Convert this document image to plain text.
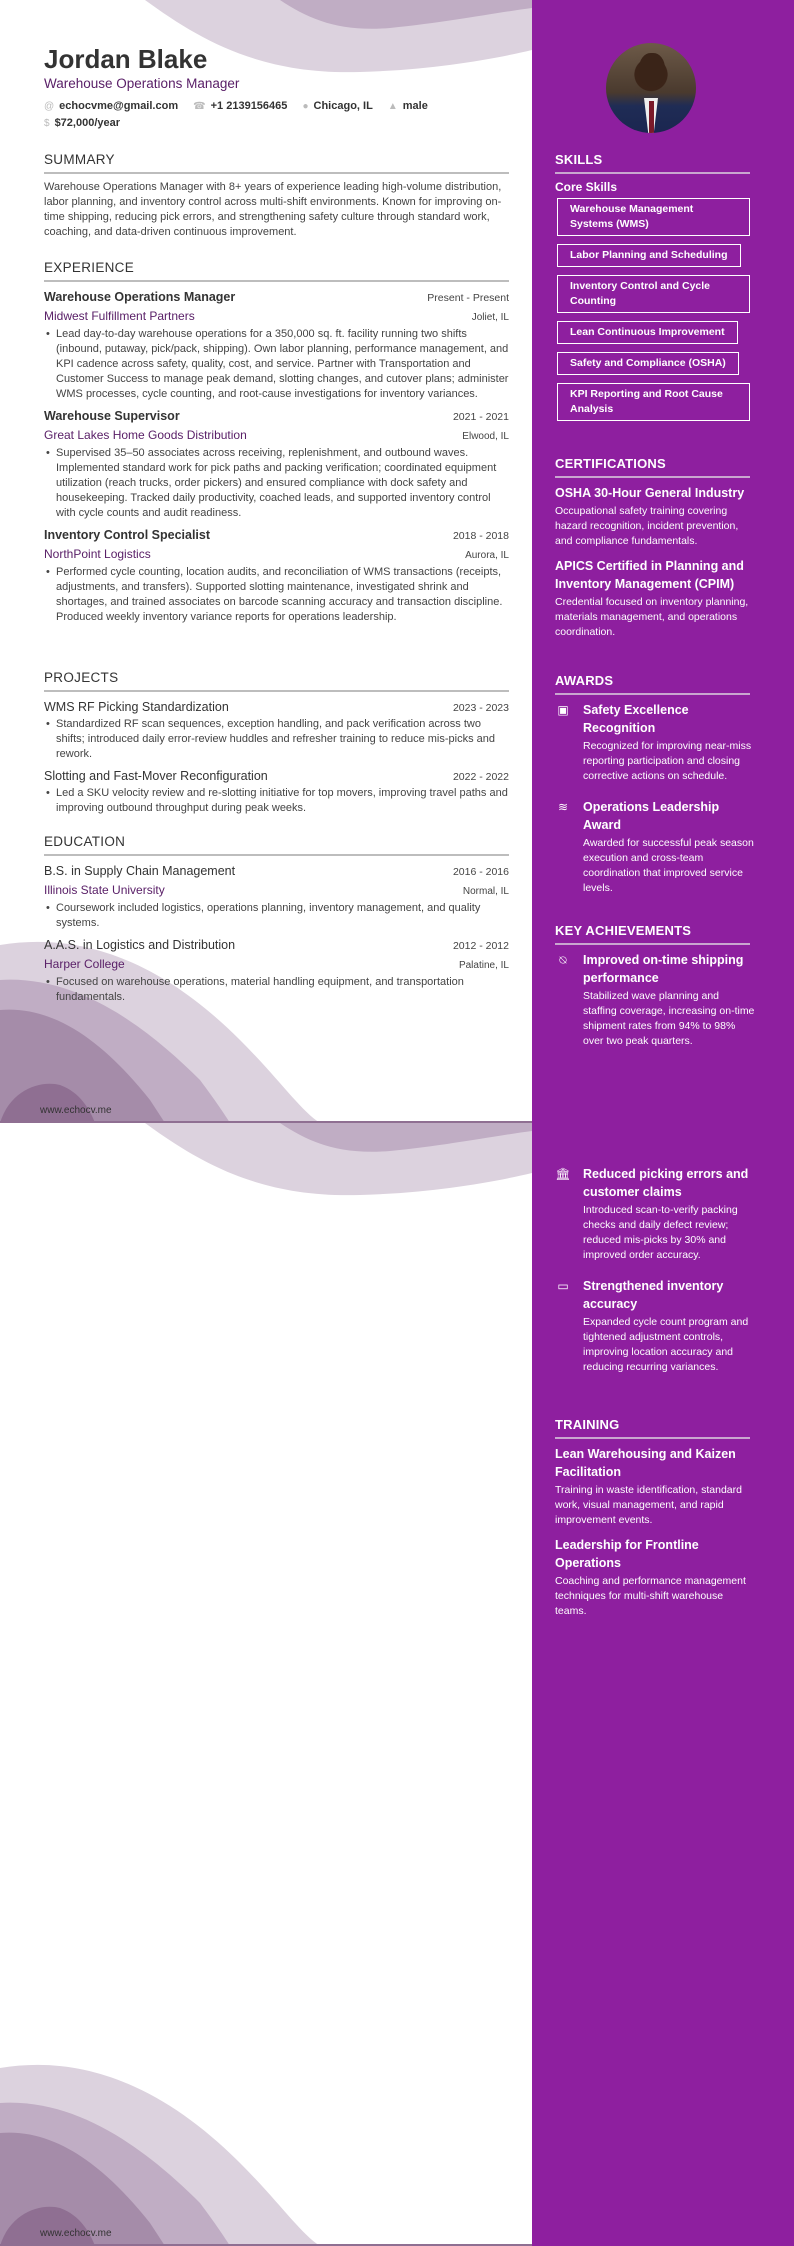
Jordan Blake
Warehouse Operations Manager
@ echocvme@gmail.com ☎ +1 2139156465 ● Chicago, IL ▲ male
$ $72,000/year
SUMMARY
Warehouse Operations Manager with 8+ years of experience leading high-volume distribution, labor planning, and inventory control across multi-shift environments. Known for improving on-time shipping, reducing pick errors, and strengthening safety culture through standard work, coaching, and data-driven continuous improvement.
EXPERIENCE
Warehouse Operations Manager	Present - Present
Midwest Fulfillment Partners	Joliet, IL
• Lead day-to-day warehouse operations for a 350,000 sq. ft. facility running two shifts (inbound, putaway, pick/pack, shipping). Own labor planning, performance management, and KPI cadence across safety, quality, cost, and service. Partner with Transportation and Customer Success to manage peak demand, slotting changes, and cutover plans; administer WMS processes, cycle counting, and root-cause investigations for inventory variances.
Warehouse Supervisor	2021 - 2021
Great Lakes Home Goods Distribution	Elwood, IL
• Supervised 35–50 associates across receiving, replenishment, and outbound waves. Implemented standard work for pick paths and packing verification; coordinated equipment utilization (reach trucks, order pickers) and ensured compliance with dock safety and housekeeping. Tracked daily productivity, coached leads, and supported inventory control with cycle counts and audit readiness.
Inventory Control Specialist	2018 - 2018
NorthPoint Logistics	Aurora, IL
• Performed cycle counting, location audits, and reconciliation of WMS transactions (receipts, adjustments, and transfers). Supported slotting maintenance, investigated shrink and shortages, and trained associates on barcode scanning accuracy and transaction discipline. Produced weekly inventory variance reports for operations leadership.
PROJECTS
WMS RF Picking Standardization	2023 - 2023
• Standardized RF scan sequences, exception handling, and pack verification across two shifts; introduced daily error-review huddles and refresher training to reduce mis-picks and rework.
Slotting and Fast-Mover Reconfiguration	2022 - 2022
• Led a SKU velocity review and re-slotting initiative for top movers, improving travel paths and improving outbound throughput during peak weeks.
EDUCATION
B.S. in Supply Chain Management	2016 - 2016
Illinois State University	Normal, IL
• Coursework included logistics, operations planning, inventory management, and quality systems.
A.A.S. in Logistics and Distribution	2012 - 2012
Harper College	Palatine, IL
• Focused on warehouse operations, material handling equipment, and transportation fundamentals.
www.echocv.me
SKILLS
Core Skills
Warehouse Management Systems (WMS) Labor Planning and Scheduling Inventory Control and Cycle Counting Lean Continuous Improvement Safety and Compliance (OSHA) KPI Reporting and Root Cause Analysis
CERTIFICATIONS
OSHA 30-Hour General Industry
Occupational safety training covering hazard recognition, incident prevention, and compliance fundamentals.
APICS Certified in Planning and Inventory Management (CPIM)
Credential focused on inventory planning, materials management, and operations coordination.
AWARDS
▣ Safety Excellence Recognition
Recognized for improving near-miss reporting participation and closing corrective actions on schedule.
≋ Operations Leadership Award
Awarded for successful peak season execution and cross-team coordination that improved service levels.
KEY ACHIEVEMENTS
⍉	Improved on-time shipping performance
Stabilized wave planning and staffing coverage, increasing on-time shipment rates from 94% to 98% over two peak quarters.
www.echocv.me
🏛 Reduced picking errors and customer claims
Introduced scan-to-verify packing checks and daily defect review; reduced mis-picks by 30% and improved order accuracy.
▭ Strengthened inventory accuracy
Expanded cycle count program and tightened adjustment controls, improving location accuracy and reducing recurring variances.
TRAINING
Lean Warehousing and Kaizen Facilitation
Training in waste identification, standard work, visual management, and rapid improvement events.
Leadership for Frontline Operations
Coaching and performance management techniques for multi-shift warehouse teams.
